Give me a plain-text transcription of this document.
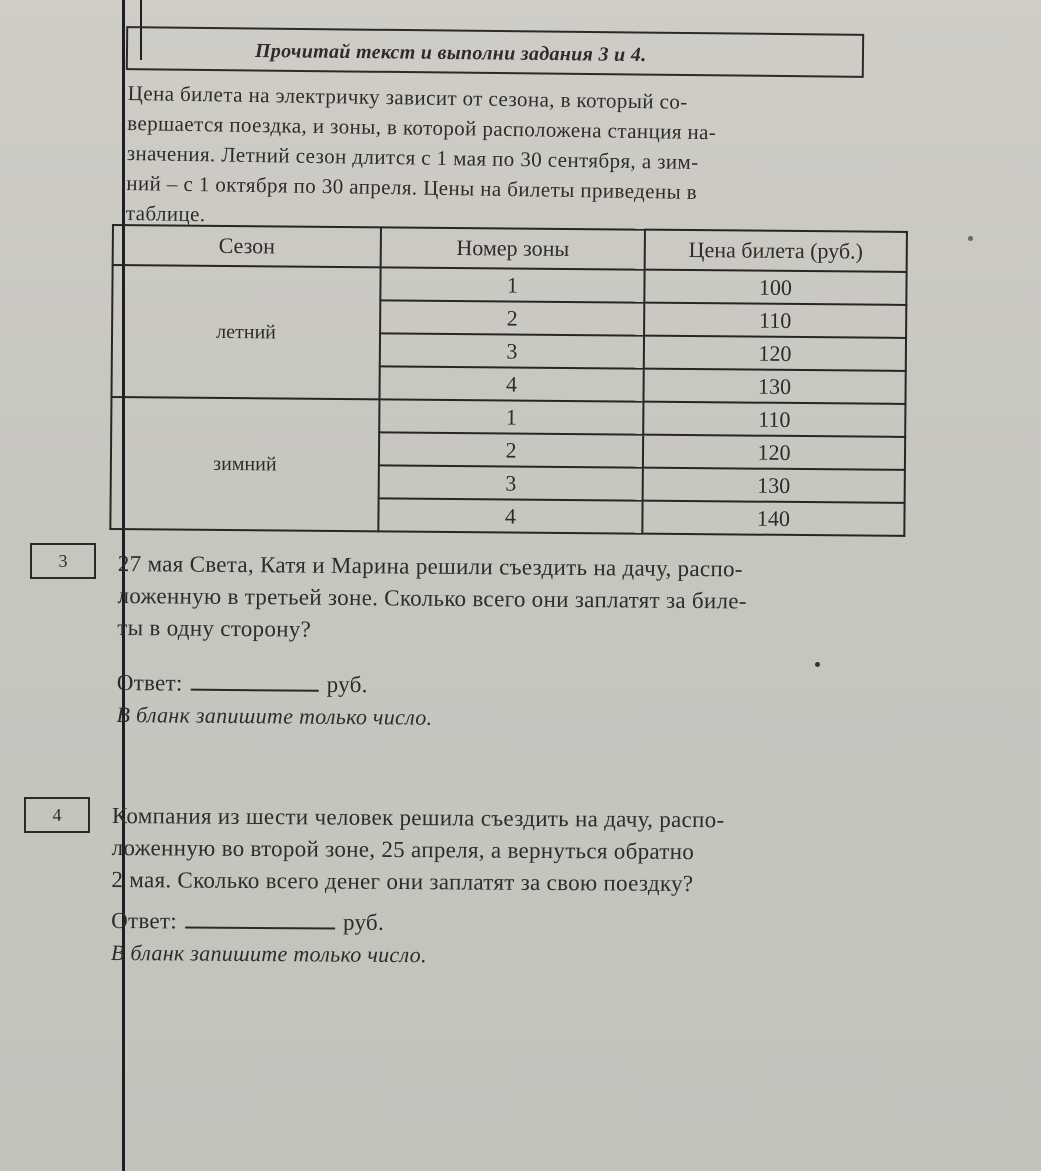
Прочитай текст и выполни задания 3 и 4.

Цена билета на электричку зависит от сезона, в который со-

вершается поездка, и зоны, в которой расположена станция на-

значения. Летний сезон длится с 1 мая по 30 сентября, а зим-

ний – с 1 октября по 30 апреля. Цены на билеты приведены в

таблице.

Сезон	Номер зоны	Цена билета (руб.)
летний	1	100
	2	110
	3	120
	4	130
зимний	1	110
	2	120
	3	130
	4	140
3	27 мая Света, Катя и Марина решили съездить на дачу, распо-

ложенную в третьей зоне. Сколько всего они заплатят за биле-

ты в одну сторону?

Ответ:	руб.
В бланк запишите только число.
4	Компания из шести человек решила съездить на дачу, распо-

ложенную во второй зоне, 25 апреля, а вернуться обратно

2 мая. Сколько всего денег они заплатят за свою поездку?

Ответ:	руб.
В бланк запишите только число.
